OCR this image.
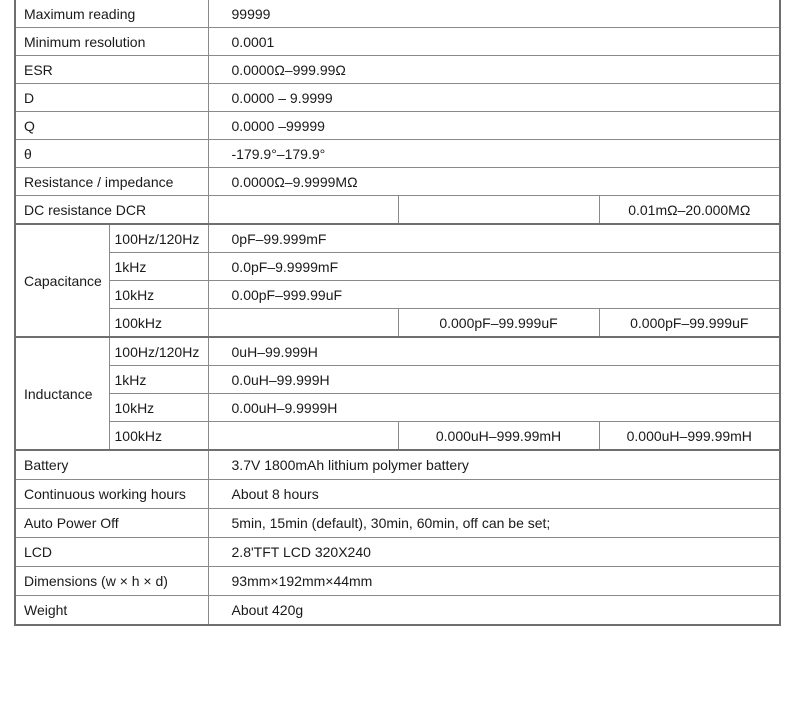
Maximum reading		99999		
Minimum resolution		0.0001		
ESR		0.0000Ω–999.99Ω		
D		0.0000 – 9.9999		
Q		0.0000 –99999		
θ		-179.9°–179.9°		
Resistance / impedance		0.0000Ω–9.9999MΩ		
DC resistance DCR				0.01mΩ–20.000MΩ
Capacitance	100Hz/120Hz	0pF–99.999mF		
	1kHz	0.0pF–9.9999mF		
	10kHz	0.00pF–999.99uF		
	100kHz		0.000pF–99.999uF	0.000pF–99.999uF
Inductance	100Hz/120Hz	0uH–99.999H		
	1kHz	0.0uH–99.999H		
	10kHz	0.00uH–9.9999H		
	100kHz		0.000uH–999.99mH	0.000uH–999.99mH
Battery		3.7V 1800mAh lithium polymer battery		
Continuous working hours		About 8 hours		
Auto Power Off		5min, 15min (default), 30min, 60min, off can be set;		
LCD		2.8'TFT LCD 320X240		
Dimensions (w × h × d)		93mm×192mm×44mm		
Weight		About 420g		
